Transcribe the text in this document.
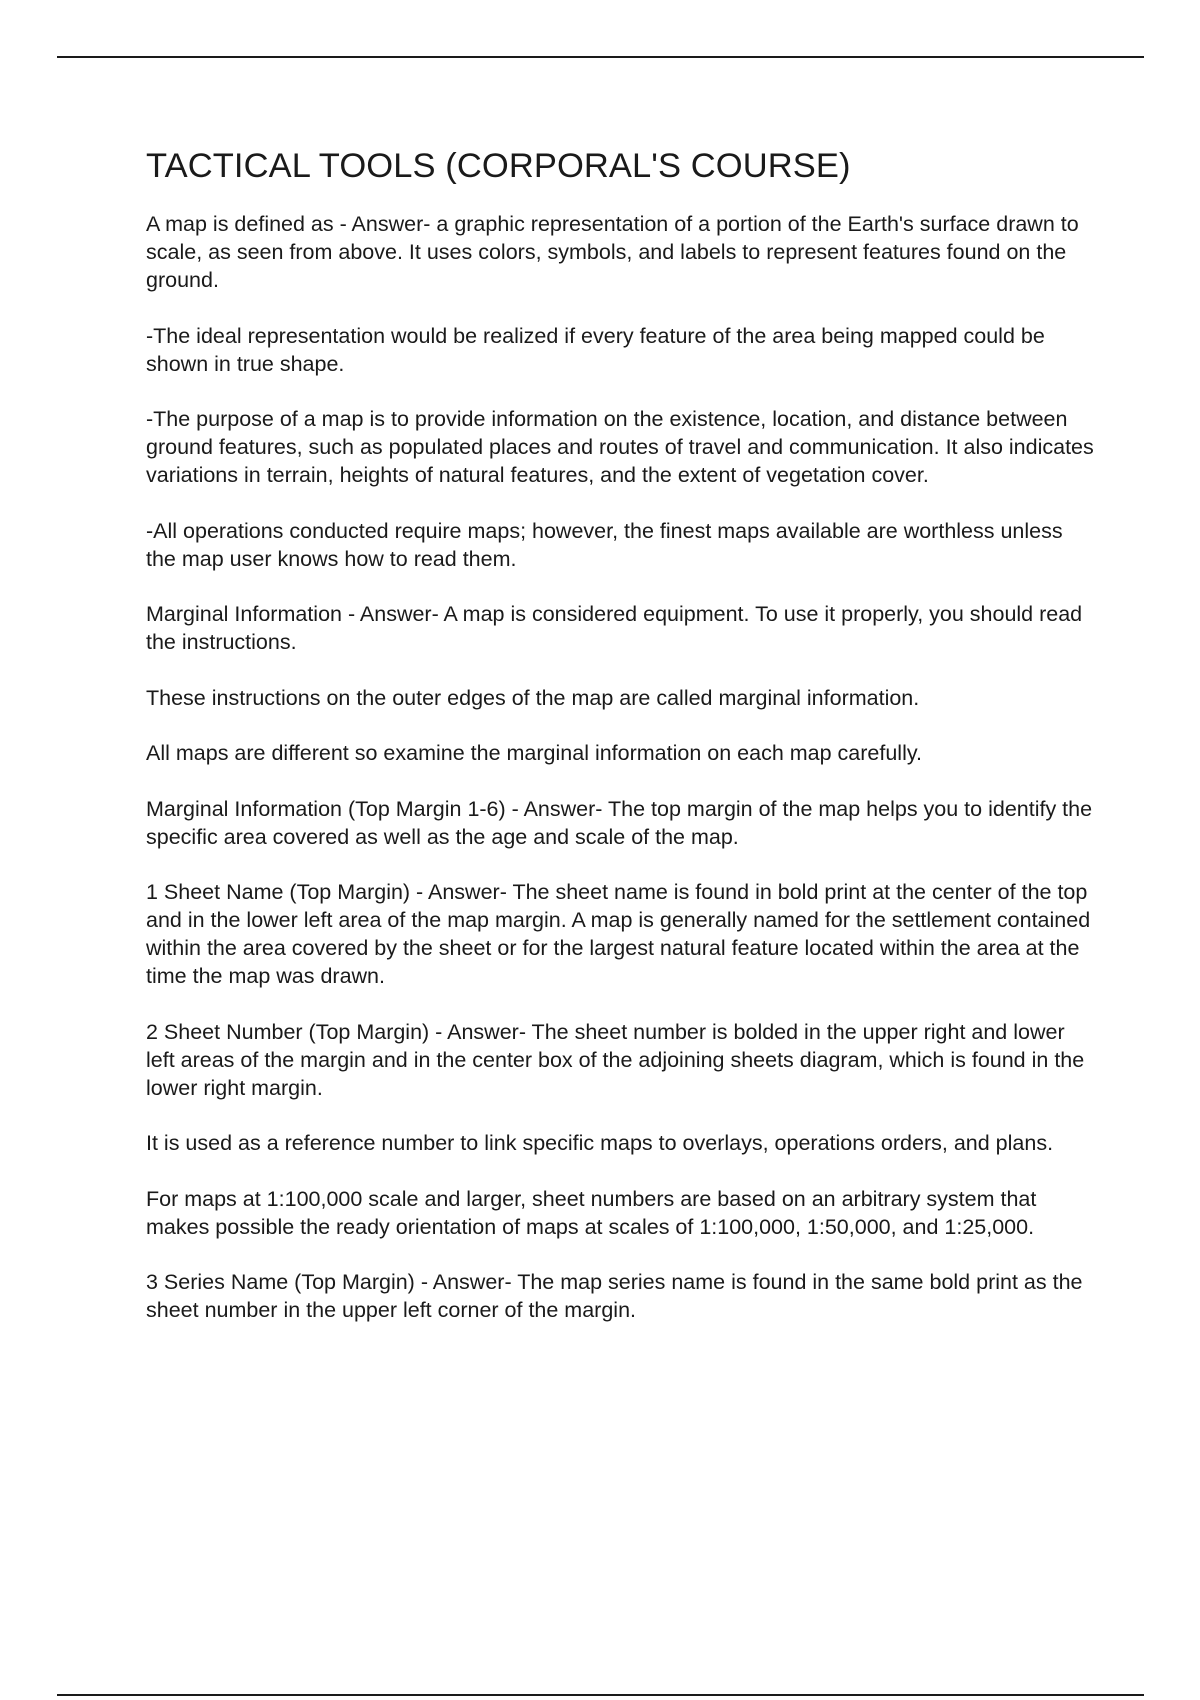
TACTICAL TOOLS (CORPORAL'S COURSE)

A map is defined as - Answer- a graphic representation of a portion of the Earth's surface drawn to scale, as seen from above. It uses colors, symbols, and labels to represent features found on the ground.

-The ideal representation would be realized if every feature of the area being mapped could be shown in true shape.

-The purpose of a map is to provide information on the existence, location, and distance between ground features, such as populated places and routes of travel and communication. It also indicates variations in terrain, heights of natural features, and the extent of vegetation cover.

-All operations conducted require maps; however, the finest maps available are worthless unless the map user knows how to read them.

Marginal Information - Answer- A map is considered equipment. To use it properly, you should read the instructions.

These instructions on the outer edges of the map are called marginal information.

All maps are different so examine the marginal information on each map carefully.

Marginal Information (Top Margin 1-6) - Answer- The top margin of the map helps you to identify the specific area covered as well as the age and scale of the map.

1 Sheet Name (Top Margin) - Answer- The sheet name is found in bold print at the center of the top and in the lower left area of the map margin. A map is generally named for the settlement contained within the area covered by the sheet or for the largest natural feature located within the area at the time the map was drawn.

2 Sheet Number (Top Margin) - Answer- The sheet number is bolded in the upper right and lower left areas of the margin and in the center box of the adjoining sheets diagram, which is found in the lower right margin.

It is used as a reference number to link specific maps to overlays, operations orders, and plans.

For maps at 1:100,000 scale and larger, sheet numbers are based on an arbitrary system that makes possible the ready orientation of maps at scales of 1:100,000, 1:50,000, and 1:25,000.

3 Series Name (Top Margin) - Answer- The map series name is found in the same bold print as the sheet number in the upper left corner of the margin.
